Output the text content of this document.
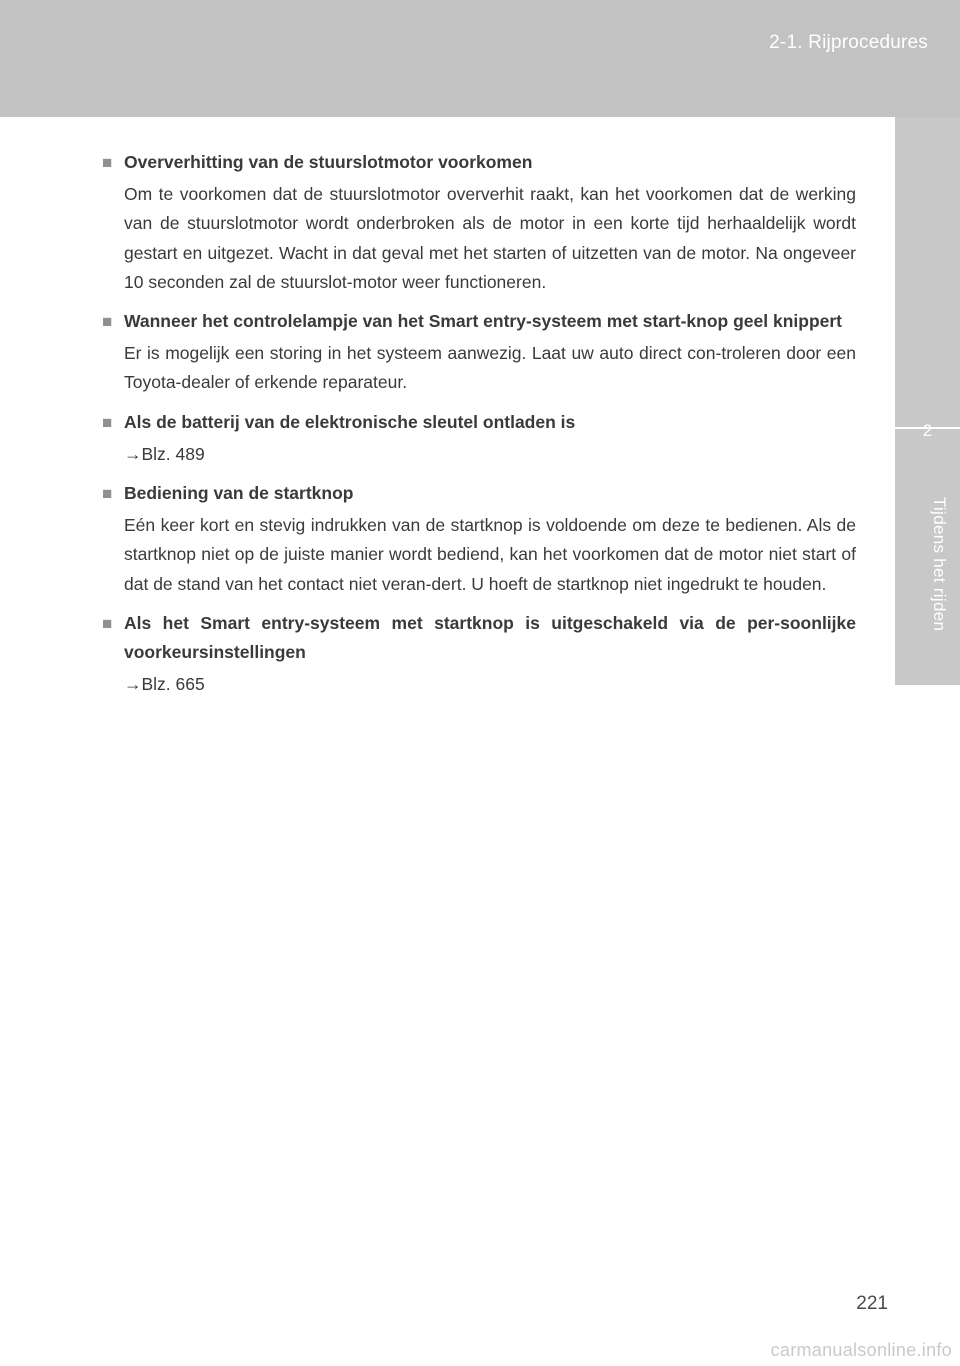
2-1. Rijprocedures
2
Tijdens het rijden
■ Oververhitting van de stuurslotmotor voorkomen

Om te voorkomen dat de stuurslotmotor oververhit raakt, kan het voorkomen dat de werking van de stuurslotmotor wordt onderbroken als de motor in een korte tijd herhaaldelijk wordt gestart en uitgezet. Wacht in dat geval met het starten of uitzetten van de motor. Na ongeveer 10 seconden zal de stuurslot-motor weer functioneren.

■ Wanneer het controlelampje van het Smart entry-systeem met start-knop geel knippert

Er is mogelijk een storing in het systeem aanwezig. Laat uw auto direct con-troleren door een Toyota-dealer of erkende reparateur.

■ Als de batterij van de elektronische sleutel ontladen is

→Blz. 489

■ Bediening van de startknop

Eén keer kort en stevig indrukken van de startknop is voldoende om deze te bedienen. Als de startknop niet op de juiste manier wordt bediend, kan het voorkomen dat de motor niet start of dat de stand van het contact niet veran-dert. U hoeft de startknop niet ingedrukt te houden.

■ Als het Smart entry-systeem met startknop is uitgeschakeld via de per-soonlijke voorkeursinstellingen

→Blz. 665

221
carmanualsonline.info
